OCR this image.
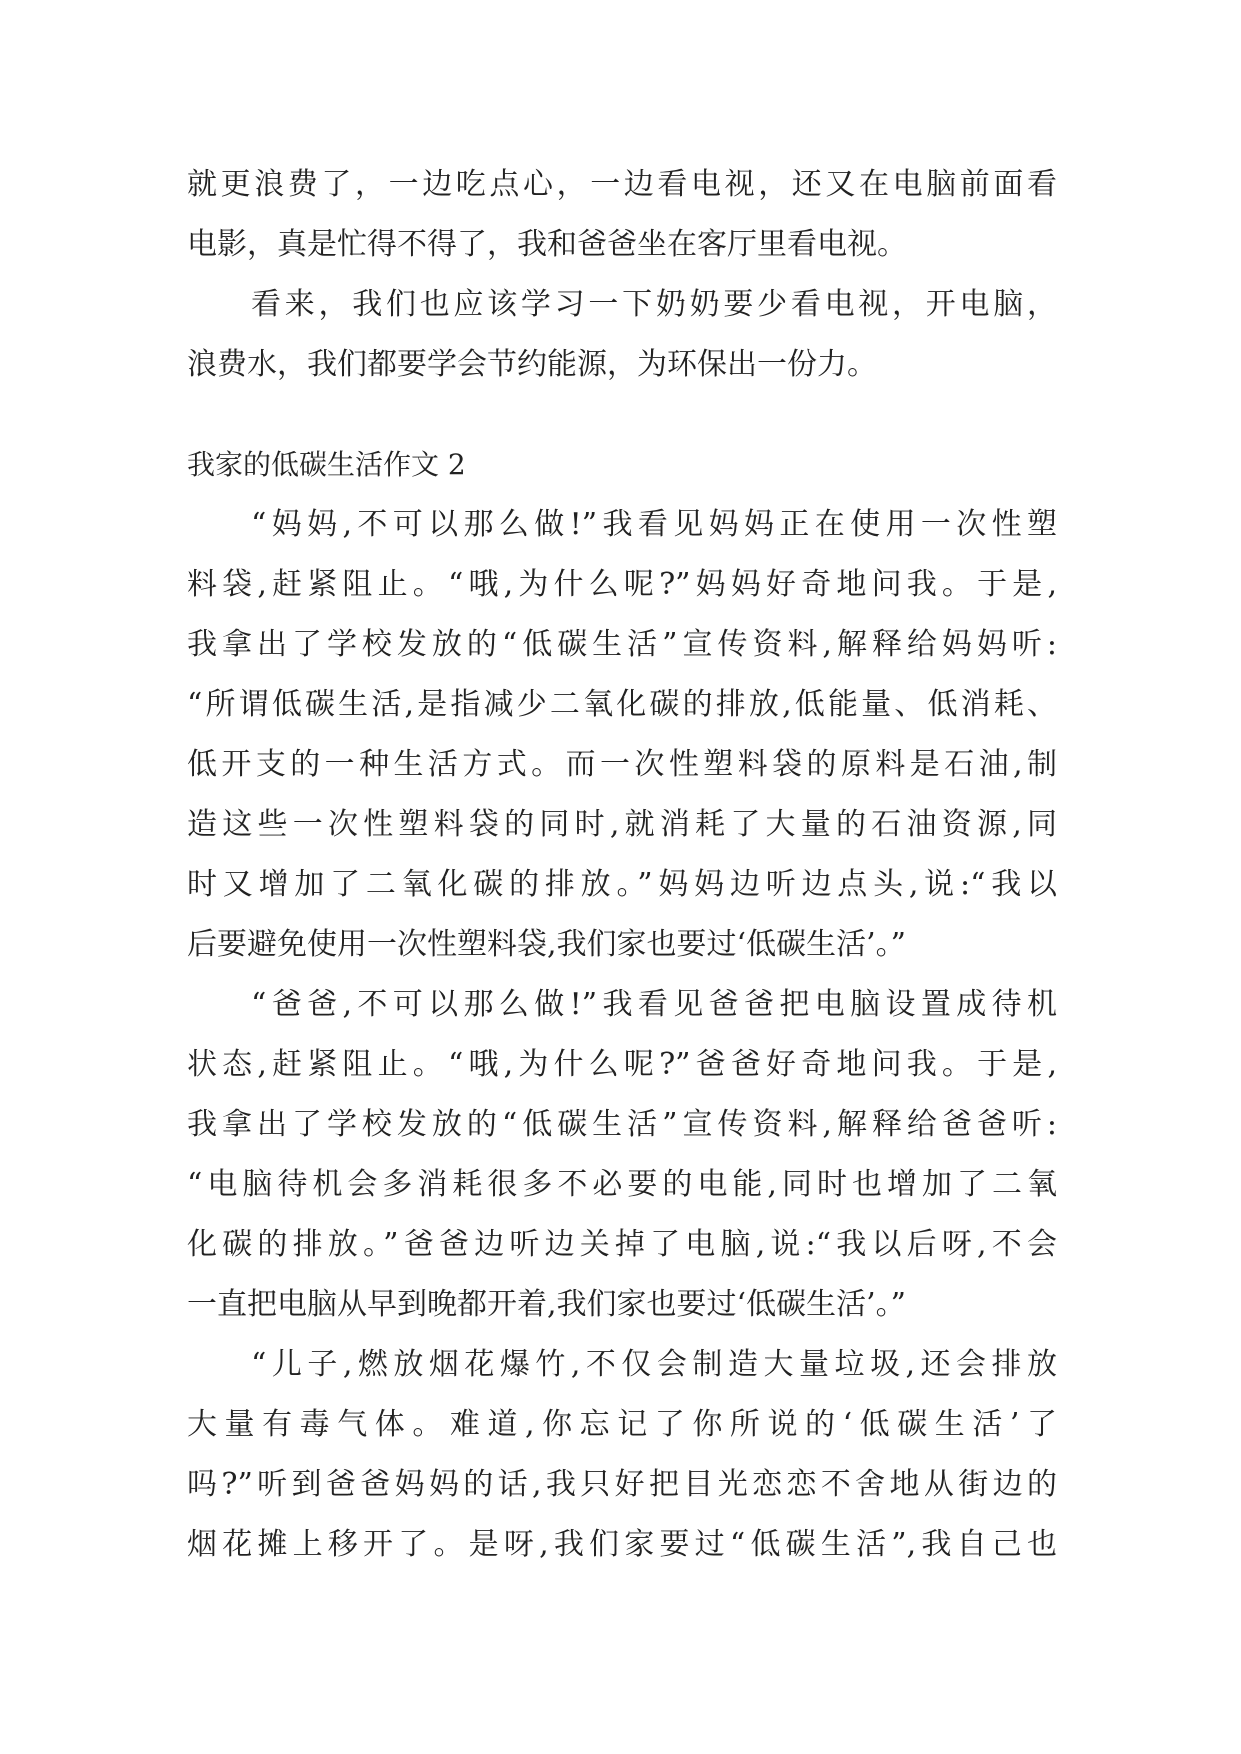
就更浪费了，一边吃点心，一边看电视，还又在电脑前面看
电影，真是忙得不得了，我和爸爸坐在客厅里看电视。
看来，我们也应该学习一下奶奶要少看电视，开电脑，
浪费水，我们都要学会节约能源，为环保出一份力。
我家的低碳生活作文 2
“妈妈,不可以那么做!”我看见妈妈正在使用一次性塑
料袋,赶紧阻止。“哦,为什么呢?”妈妈好奇地问我。于是,
我拿出了学校发放的“低碳生活”宣传资料,解释给妈妈听:
“所谓低碳生活,是指减少二氧化碳的排放,低能量、低消耗、
低开支的一种生活方式。而一次性塑料袋的原料是石油,制
造这些一次性塑料袋的同时,就消耗了大量的石油资源,同
时又增加了二氧化碳的排放。”妈妈边听边点头,说:“我以
后要避免使用一次性塑料袋,我们家也要过‘低碳生活’。”
“爸爸,不可以那么做!”我看见爸爸把电脑设置成待机
状态,赶紧阻止。“哦,为什么呢?”爸爸好奇地问我。于是,
我拿出了学校发放的“低碳生活”宣传资料,解释给爸爸听:
“电脑待机会多消耗很多不必要的电能,同时也增加了二氧
化碳的排放。”爸爸边听边关掉了电脑,说:“我以后呀,不会
一直把电脑从早到晚都开着,我们家也要过‘低碳生活’。”
“儿子,燃放烟花爆竹,不仅会制造大量垃圾,还会排放
大量有毒气体。难道,你忘记了你所说的‘低碳生活’了
吗?”听到爸爸妈妈的话,我只好把目光恋恋不舍地从街边的
烟花摊上移开了。是呀,我们家要过“低碳生活”,我自己也
